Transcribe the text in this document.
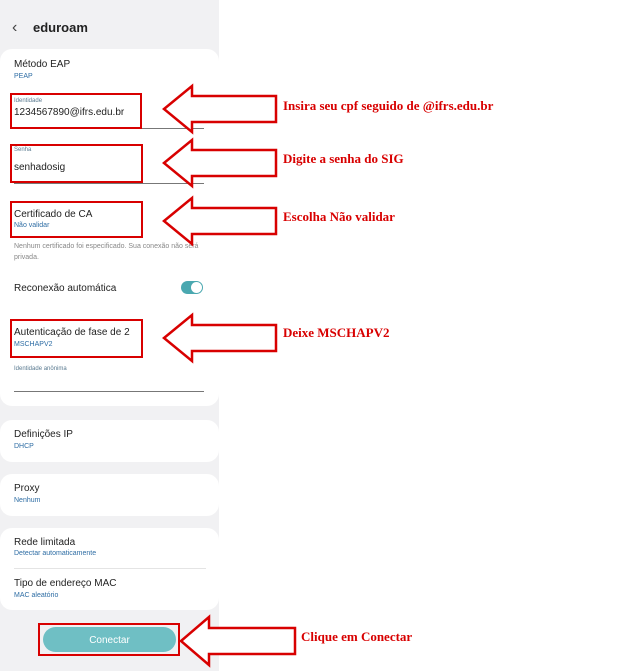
‹	eduroam
Método EAP
PEAP
Identidade
1234567890@ifrs.edu.br
Senha
senhadosig
Certificado de CA
Não validar
Nenhum certificado foi especificado. Sua conexão não será privada.
Reconexão automática
Autenticação de fase de 2
MSCHAPV2
Identidade anônima
Definições IP
DHCP
Proxy
Nenhum
Rede limitada
Detectar automaticamente
Tipo de endereço MAC
MAC aleatório
Conectar
Insira seu cpf seguido de @ifrs.edu.br
Digite a senha do SIG
Escolha Não validar
Deixe MSCHAPV2
Clique em Conectar
